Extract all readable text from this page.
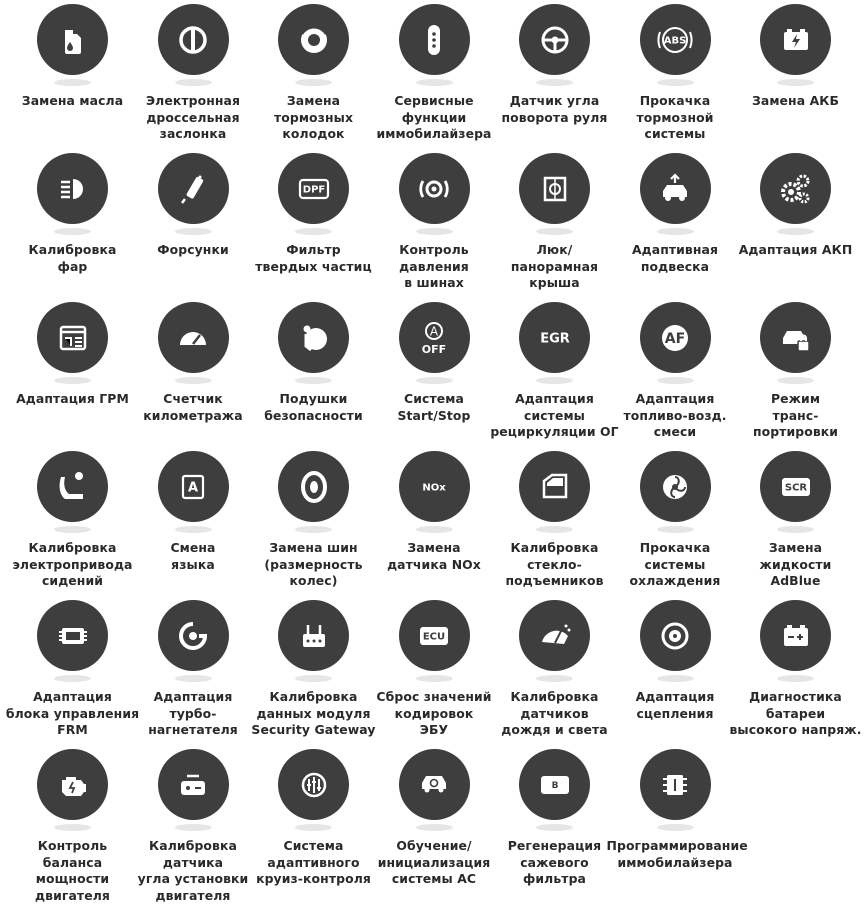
Замена масла	Электронная
дроссельная
заслонка
Замена
тормозных
колодок
Сервисные
функции
иммобилайзера
Датчик угла
поворота руля
ABS
Прокачка
тормозной
системы
Замена АКБ
Калибровка
фар
Форсунки
DPF
Фильтр
твердых частиц
Контроль
давления
в шинах
Люк/
панорамная крыша
Адаптивная
подвеска
Адаптация АКП
Адаптация ГРМ	Счетчик
километража
Подушки
безопасности
A
OFF
Система
Start/Stop
EGR
Адаптация
системы
рециркуляции ОГ
AF
Адаптация
топливо-возд.
смеси
Режим
транс-
портировки
Калибровка
электропривода
сидений
A
Смена
языка
Замена шин
(размерность
колес)
NOx
Замена
датчика NOx
Калибровка
стекло-
подъемников
Прокачка
системы
охлаждения
SCR
Замена
жидкости
AdBlue
Адаптация
блока управления
FRM
Адаптация
турбо-
нагнетателя
Калибровка
данных модуля
Security Gateway
ECU
Сброс значений
кодировок
ЭБУ
Калибровка
датчиков
дождя и света
Адаптация
сцепления
Диагностика
батареи
высокого напряж.
Контроль
баланса мощности
двигателя
Калибровка
датчика
угла установки
двигателя
Система
адаптивного
круиз-контроля
Обучение/
инициализация
системы АС
B
Регенерация
сажевого
фильтра
Программирование
иммобилайзера
